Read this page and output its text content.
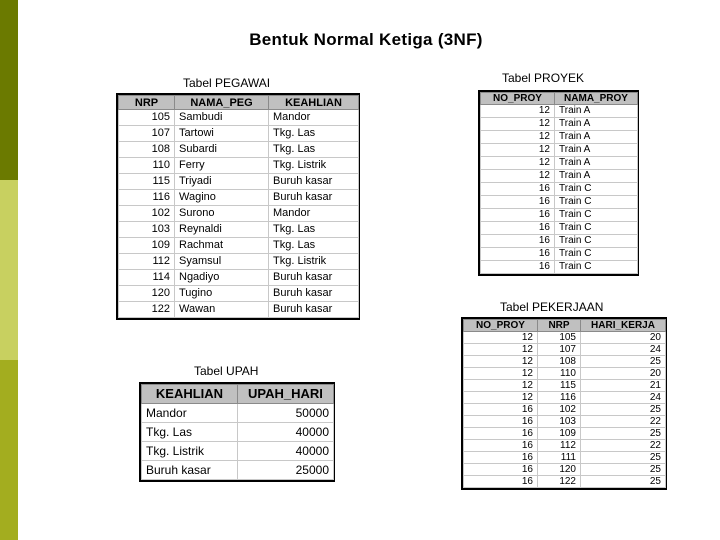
Bentuk Normal Ketiga (3NF)
Tabel PEGAWAI
NRP	NAMA_PEG	KEAHLIAN
105	Sambudi	Mandor
107	Tartowi	Tkg. Las
108	Subardi	Tkg. Las
110	Ferry	Tkg. Listrik
115	Triyadi	Buruh kasar
116	Wagino	Buruh kasar
102	Surono	Mandor
103	Reynaldi	Tkg. Las
109	Rachmat	Tkg. Las
112	Syamsul	Tkg. Listrik
114	Ngadiyo	Buruh kasar
120	Tugino	Buruh kasar
122	Wawan	Buruh kasar
Tabel PROYEK
NO_PROY	NAMA_PROY
12	Train A
12	Train A
12	Train A
12	Train A
12	Train A
12	Train A
16	Train C
16	Train C
16	Train C
16	Train C
16	Train C
16	Train C
16	Train C
Tabel PEKERJAAN
NO_PROY	NRP	HARI_KERJA
12	105	20
12	107	24
12	108	25
12	110	20
12	115	21
12	116	24
16	102	25
16	103	22
16	109	25
16	112	22
16	111	25
16	120	25
16	122	25
Tabel UPAH
KEAHLIAN	UPAH_HARI
Mandor	50000
Tkg. Las	40000
Tkg. Listrik	40000
Buruh kasar	25000
